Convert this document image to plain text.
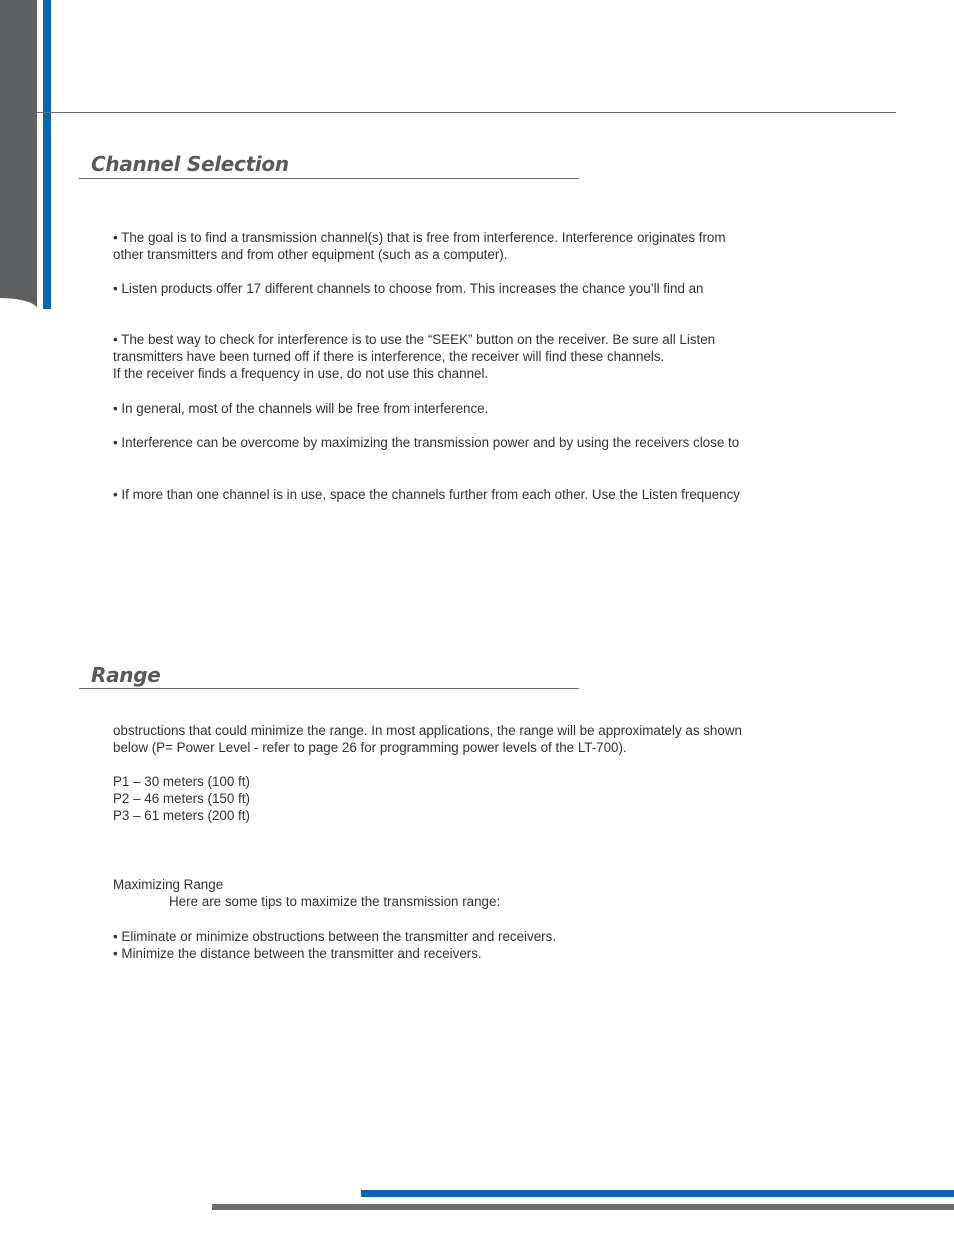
Channel Selection

• The goal is to find a transmission channel(s) that is free from interference. Interference originates from
other transmitters and from other equipment (such as a computer).

• Listen products offer 17 different channels to choose from. This increases the chance you’ll find an

• The best way to check for interference is to use the “SEEK” button on the receiver. Be sure all Listen
transmitters have been turned off if there is interference, the receiver will find these channels.
If the receiver finds a frequency in use, do not use this channel.

• In general, most of the channels will be free from interference.

• Interference can be overcome by maximizing the transmission power and by using the receivers close to

• If more than one channel is in use, space the channels further from each other. Use the Listen frequency

Range

obstructions that could minimize the range. In most applications, the range will be approximately as shown
below (P= Power Level - refer to page 26 for programming power levels of the LT-700).

P1 – 30 meters (100 ft)
P2 – 46 meters (150 ft)
P3 – 61 meters (200 ft)

Maximizing Range

Here are some tips to maximize the transmission range:

• Eliminate or minimize obstructions between the transmitter and receivers.
• Minimize the distance between the transmitter and receivers.
